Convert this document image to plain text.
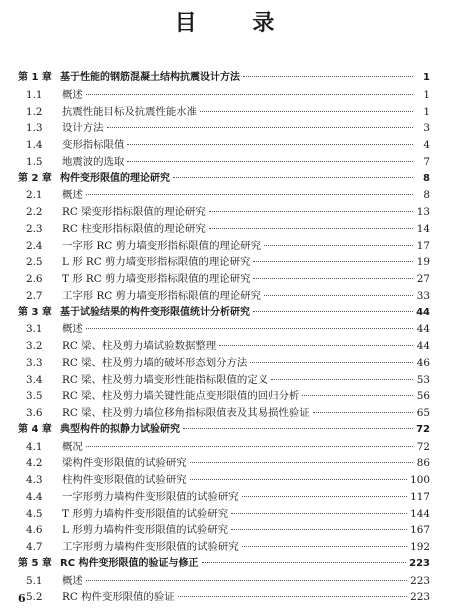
目 录
第 1 章 基于性能的钢筋混凝土结构抗震设计方法	1
1.1	概述	1
1.2	抗震性能目标及抗震性能水准	1
1.3	设计方法	3
1.4	变形指标限值	4
1.5	地震波的选取	7
第 2 章 构件变形限值的理论研究	8
2.1	概述	8
2.2	RC 梁变形指标限值的理论研究	13
2.3	RC 柱变形指标限值的理论研究	14
2.4	一字形 RC 剪力墙变形指标限值的理论研究	17
2.5	L 形 RC 剪力墙变形指标限值的理论研究	19
2.6	T 形 RC 剪力墙变形指标限值的理论研究	27
2.7	工字形 RC 剪力墙变形指标限值的理论研究	33
第 3 章 基于试验结果的构件变形限值统计分析研究	44
3.1	概述	44
3.2	RC 梁、柱及剪力墙试验数据整理	44
3.3	RC 梁、柱及剪力墙的破坏形态划分方法	46
3.4	RC 梁、柱及剪力墙变形性能指标限值的定义	53
3.5	RC 梁、柱及剪力墙关键性能点变形限值的回归分析	56
3.6	RC 梁、柱及剪力墙位移角指标限值表及其易损性验证	65
第 4 章 典型构件的拟静力试验研究	72
4.1	概况	72
4.2	梁构件变形限值的试验研究	86
4.3	柱构件变形限值的试验研究	100
4.4	一字形剪力墙构件变形限值的试验研究	117
4.5	T 形剪力墙构件变形限值的试验研究	144
4.6	L 形剪力墙构件变形限值的试验研究	167
4.7	工字形剪力墙构件变形限值的试验研究	192
第 5 章 RC 构件变形限值的验证与修正	223
5.1	概述	223
5.2	RC 构件变形限值的验证	223
6
